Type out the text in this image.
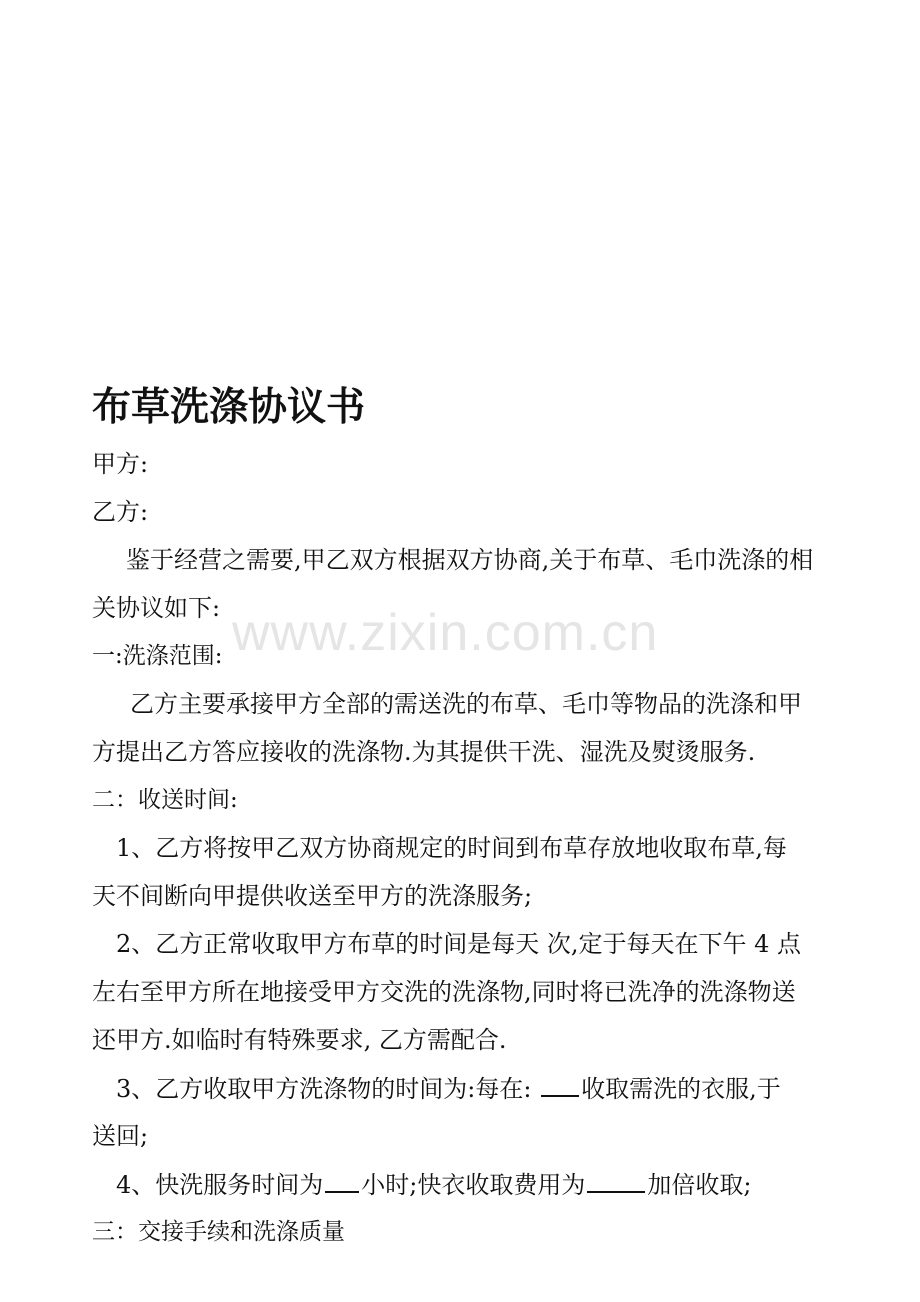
布草洗涤协议书

甲方:

乙方:

鉴于经营之需要,甲乙双方根据双方协商,关于布草、毛巾洗涤的相

关协议如下:

一:洗涤范围:

乙方主要承接甲方全部的需送洗的布草、毛巾等物品的洗涤和甲

方提出乙方答应接收的洗涤物.为其提供干洗、湿洗及熨烫服务.

二：收送时间:

1、乙方将按甲乙双方协商规定的时间到布草存放地收取布草,每

天不间断向甲提供收送至甲方的洗涤服务;

2、乙方正常收取甲方布草的时间是每天 次,定于每天在下午 4 点

左右至甲方所在地接受甲方交洗的洗涤物,同时将已洗净的洗涤物送

还甲方.如临时有特殊要求, 乙方需配合.

3、乙方收取甲方洗涤物的时间为:每在: 收取需洗的衣服,于

送回;

4、快洗服务时间为 小时;快衣收取费用为	加倍收取;

三：交接手续和洗涤质量

www.zixin.com.cn
